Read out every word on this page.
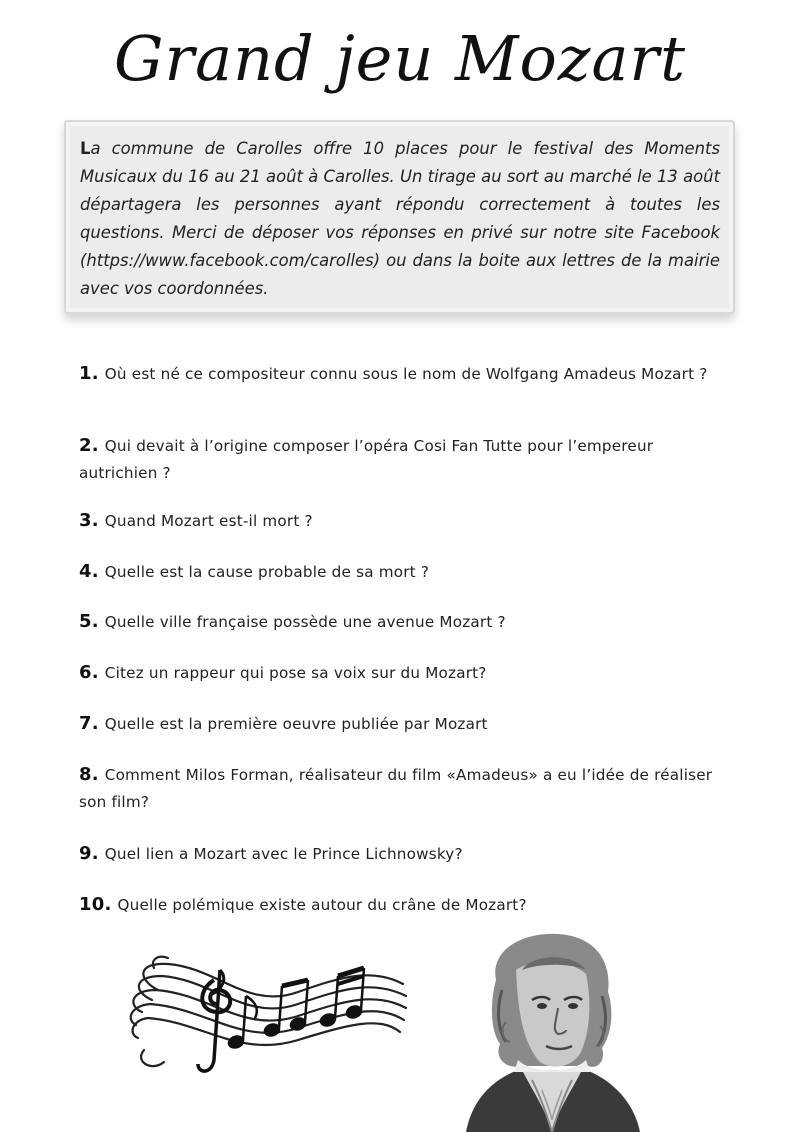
Grand jeu Mozart

La commune de Carolles offre 10 places pour le festival des Moments Musicaux du 16 au 21 août à Carolles. Un tirage au sort au marché le 13 août départagera les personnes ayant répondu correctement à toutes les questions. Merci de déposer vos réponses en privé sur notre site Facebook (https://www.facebook.com/carolles) ou dans la boite aux lettres de la mairie avec vos coordonnées.

1. Où est né ce compositeur connu sous le nom de Wolfgang Amadeus Mozart ?
2. Qui devait à l’origine composer l’opéra Cosi Fan Tutte pour l’empereur autrichien ?
3. Quand Mozart est-il mort ?
4. Quelle est la cause probable de sa mort ?
5. Quelle ville française possède une avenue Mozart ?
6. Citez un rappeur qui pose sa voix sur du Mozart?
7. Quelle est la première oeuvre publiée par Mozart
8. Comment Milos Forman, réalisateur du film «Amadeus» a eu l’idée de réaliser son film?
9. Quel lien a Mozart avec le Prince Lichnowsky?
10. Quelle polémique existe autour du crâne de Mozart?
